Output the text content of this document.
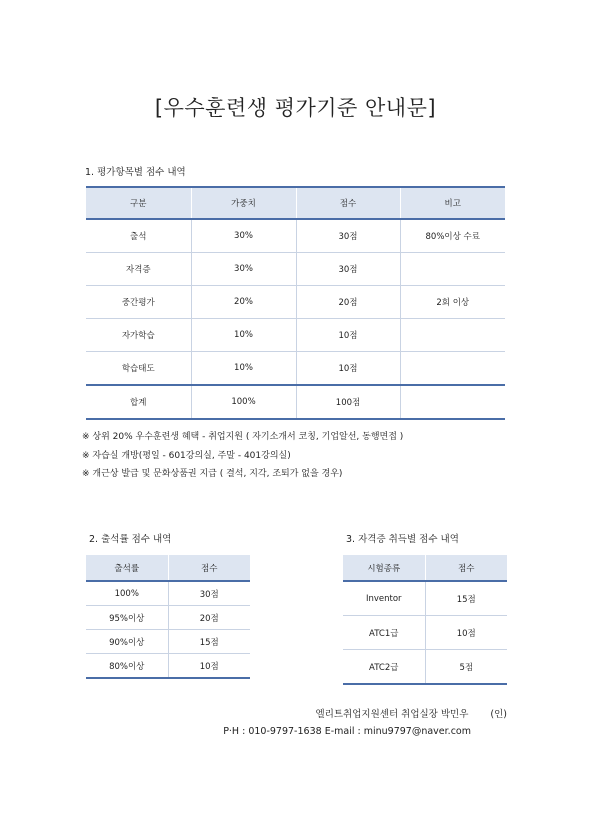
[우수훈련생 평가기준 안내문]
1. 평가항목별 점수 내역
구분	가중치	점수	비고
출석	30%	30점	80%이상 수료
자격증	30%	30점	
중간평가	20%	20점	2회 이상
자가학습	10%	10점	
학습태도	10%	10점	
합계	100%	100점	
※ 상위 20% 우수훈련생 혜택 - 취업지원 ( 자기소개서 코칭, 기업알선, 동행면접 )
※ 자습실 개방(평일 - 601강의실, 주말 - 401강의실)
※ 개근상 발급 및 문화상품권 지급 ( 결석, 지각, 조퇴가 없을 경우)
2. 출석률 점수 내역
출석률	점수
100%	30점
95%이상	20점
90%이상	15점
80%이상	10점
3. 자격증 취득별 점수 내역
시험종류	점수
Inventor	15점
ATC1급	10점
ATC2급	5점
엘리트취업지원센터 취업실장 박민우 (인)
P·H : 010-9797-1638 E-mail : minu9797@naver.com
